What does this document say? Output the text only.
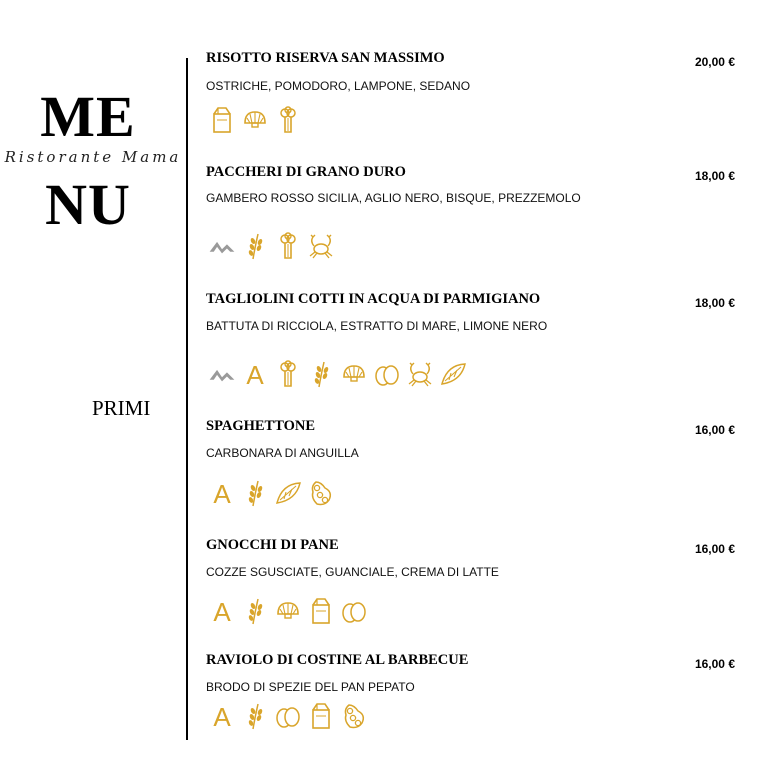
ME
Ristorante Mama
NU
PRIMI
RISOTTO RISERVA SAN MASSIMO	20,00 €
OSTRICHE, POMODORO, LAMPONE, SEDANO
PACCHERI DI GRANO DURO	18,00 €
GAMBERO ROSSO SICILIA, AGLIO NERO, BISQUE, PREZZEMOLO
TAGLIOLINI COTTI IN ACQUA DI PARMIGIANO	18,00 €
BATTUTA DI RICCIOLA, ESTRATTO DI MARE, LIMONE NERO
A
SPAGHETTONE	16,00 €
CARBONARA DI ANGUILLA
A
GNOCCHI DI PANE	16,00 €
COZZE SGUSCIATE, GUANCIALE, CREMA DI LATTE
A
RAVIOLO DI COSTINE AL BARBECUE	16,00 €
BRODO DI SPEZIE DEL PAN PEPATO
A
